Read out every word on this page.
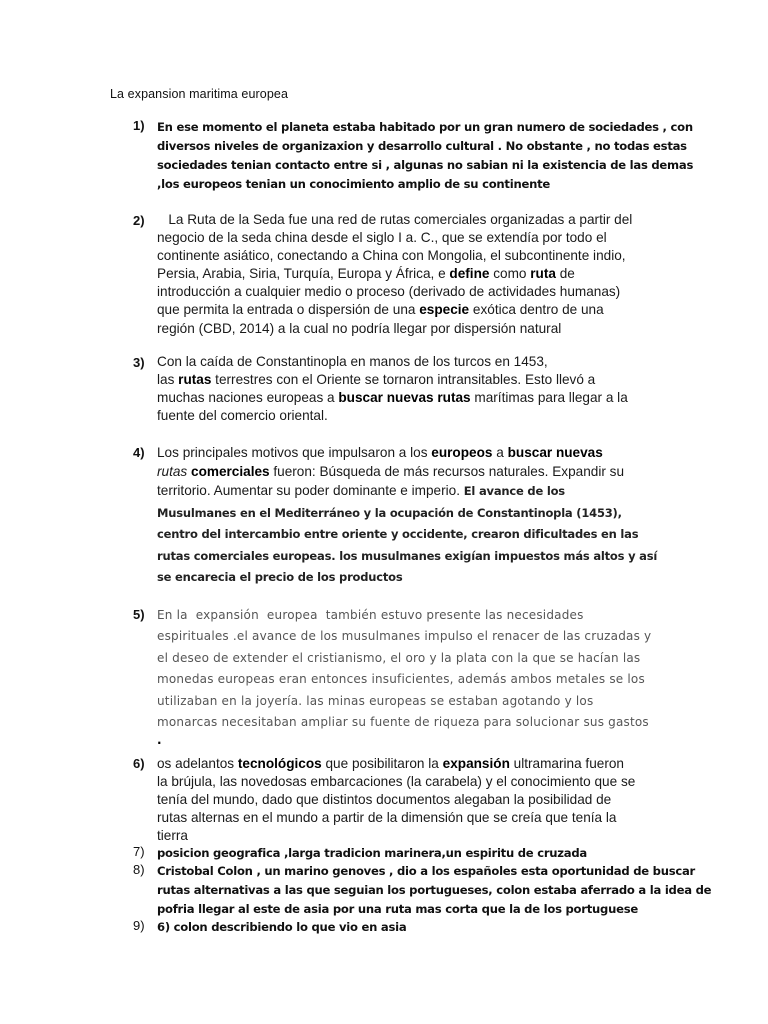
La expansion maritima europea
1) En ese momento el planeta estaba habitado por un gran numero de sociedades , con
diversos niveles de organizaxion y desarrollo cultural . No obstante , no todas estas
sociedades tenian contacto entre si , algunas no sabian ni la existencia de las demas
,los europeos tenian un conocimiento amplio de su continente
2) La Ruta de la Seda fue una red de rutas comerciales organizadas a partir del
negocio de la seda china desde el siglo I a. C., que se extendía por todo el
continente asiático, conectando a China con Mongolia, el subcontinente indio,
Persia, Arabia, Siria, Turquía, Europa y África, e define como ruta de
introducción a cualquier medio o proceso (derivado de actividades humanas)
que permita la entrada o dispersión de una especie exótica dentro de una
región (CBD, 2014) a la cual no podría llegar por dispersión natural
3) Con la caída de Constantinopla en manos de los turcos en 1453,
las rutas terrestres con el Oriente se tornaron intransitables. Esto llevó a
muchas naciones europeas a buscar nuevas rutas marítimas para llegar a la
fuente del comercio oriental.
4) Los principales motivos que impulsaron a los europeos a buscar nuevas
rutas comerciales fueron: Búsqueda de más recursos naturales. Expandir su
territorio. Aumentar su poder dominante e imperio. El avance de los
Musulmanes en el Mediterráneo y la ocupación de Constantinopla (1453),
centro del intercambio entre oriente y occidente, crearon dificultades en las
rutas comerciales europeas. los musulmanes exigían impuestos más altos y así
se encarecia el precio de los productos
5) En la  expansión  europea  también estuvo presente las necesidades
espirituales .el avance de los musulmanes impulso el renacer de las cruzadas y
el deseo de extender el cristianismo, el oro y la plata con la que se hacían las
monedas europeas eran entonces insuficientes, además ambos metales se los
utilizaban en la joyería. las minas europeas se estaban agotando y los
monarcas necesitaban ampliar su fuente de riqueza para solucionar sus gastos
.
6) os adelantos tecnológicos que posibilitaron la expansión ultramarina fueron
la brújula, las novedosas embarcaciones (la carabela) y el conocimiento que se
tenía del mundo, dado que distintos documentos alegaban la posibilidad de
rutas alternas en el mundo a partir de la dimensión que se creía que tenía la
tierra
7) posicion geografica ,larga tradicion marinera,un espiritu de cruzada
8) Cristobal Colon , un marino genoves , dio a los españoles esta oportunidad de buscar
rutas alternativas a las que seguian los portugueses, colon estaba aferrado a la idea de
pofria llegar al este de asia por una ruta mas corta que la de los portuguese
9) 6) colon describiendo lo que vio en asia
